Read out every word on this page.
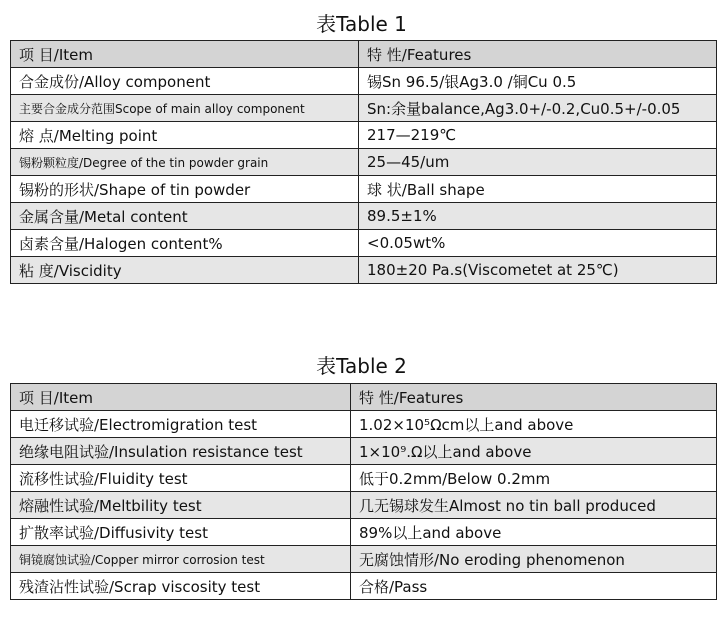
表Table 1
项 目/Item	特 性/Features
合金成份/Alloy component	锡Sn 96.5/银Ag3.0 /铜Cu 0.5
主要合金成分范围Scope of main alloy component	Sn:余量balance,Ag3.0+/-0.2,Cu0.5+/-0.05
熔 点/Melting point	217—219℃
锡粉颗粒度/Degree of the tin powder grain	25—45/um
锡粉的形状/Shape of tin powder	球 状/Ball shape
金属含量/Metal content	89.5±1%
卤素含量/Halogen content%	<0.05wt%
粘 度/Viscidity	180±20 Pa.s(Viscometet at 25℃)
表Table 2
项 目/Item	特 性/Features
电迁移试验/Electromigration test	1.02×10⁵Ωcm以上and above
绝缘电阻试验/Insulation resistance test	1×10⁹.Ω以上and above
流移性试验/Fluidity test	低于0.2mm/Below 0.2mm
熔融性试验/Meltbility test	几无锡球发生Almost no tin ball produced
扩散率试验/Diffusivity test	89%以上and above
铜镜腐蚀试验/Copper mirror corrosion test	无腐蚀情形/No eroding phenomenon
残渣沾性试验/Scrap viscosity test	合格/Pass
